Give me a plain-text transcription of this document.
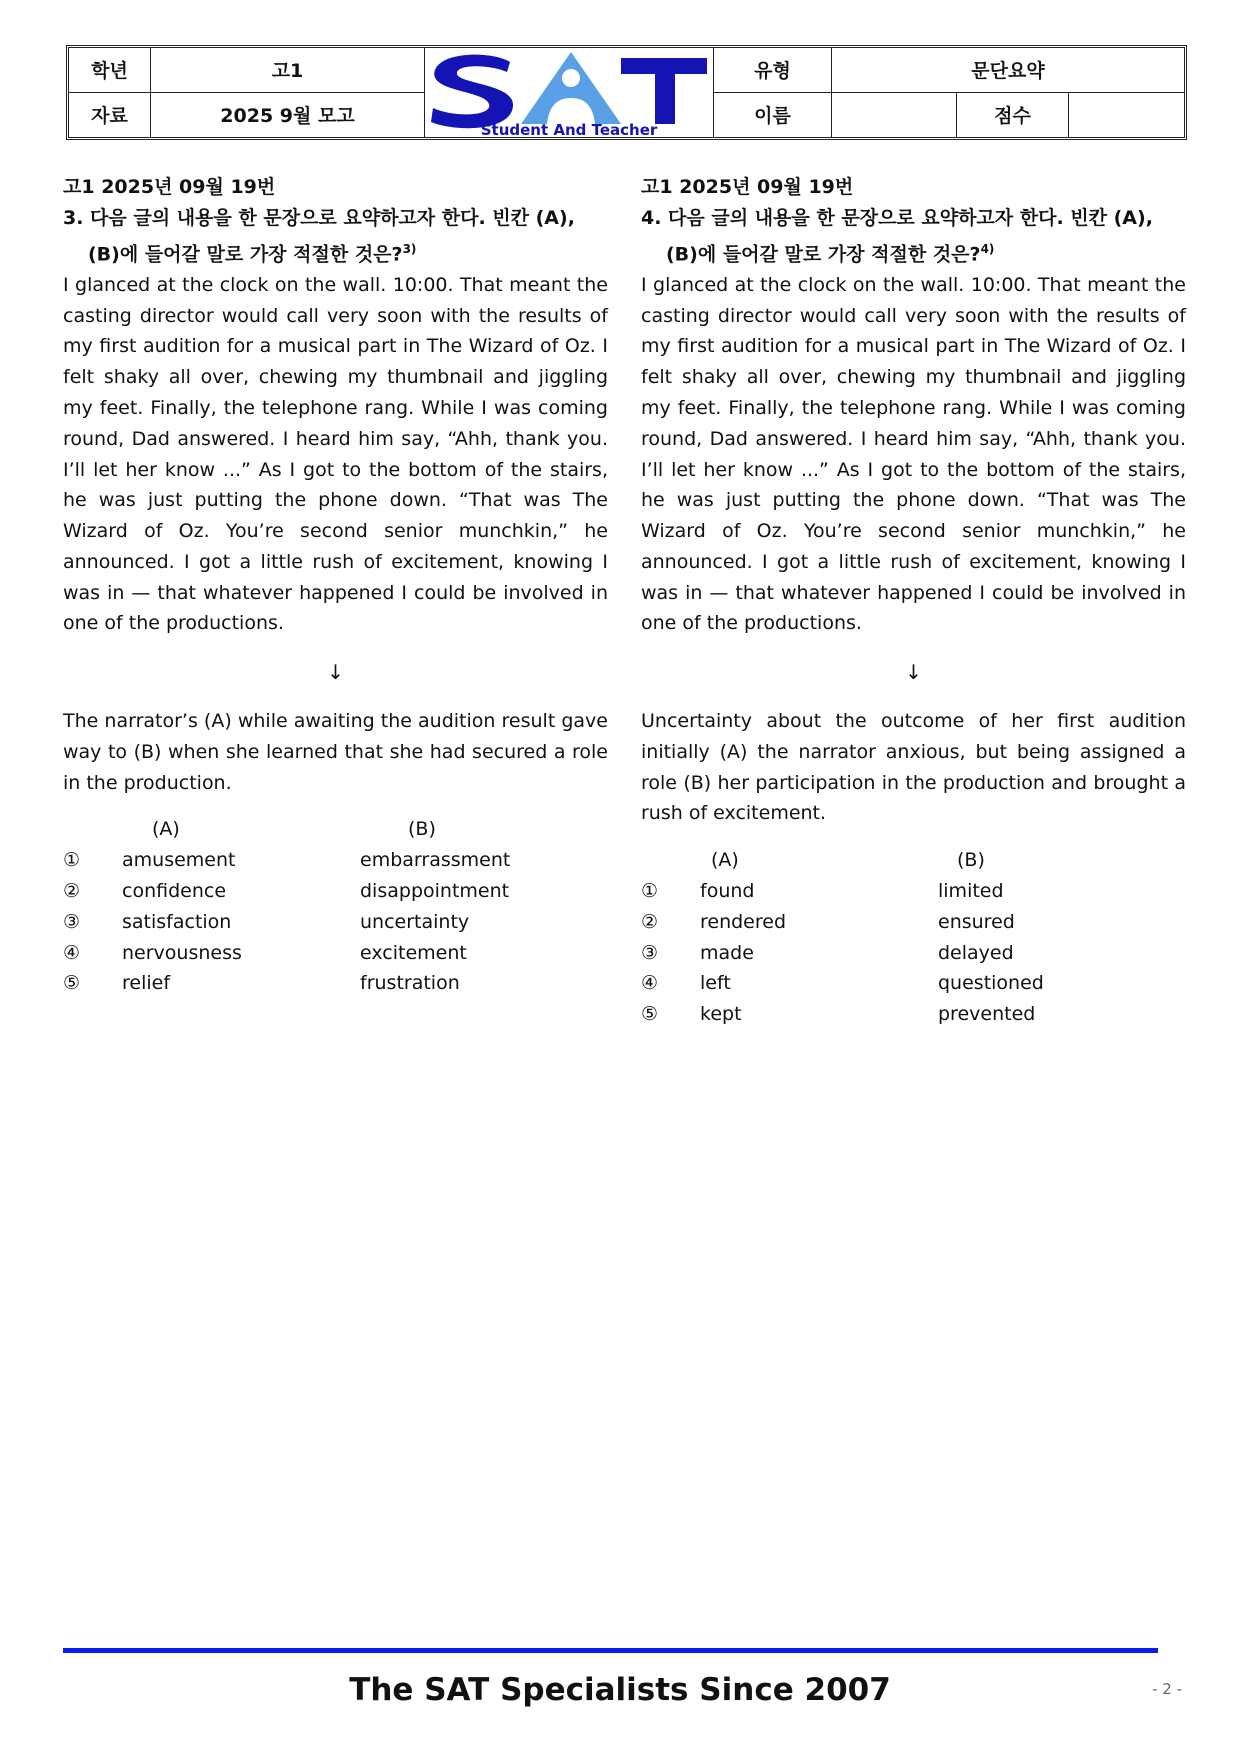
학년	고1
Student And Teacher
유형	문단요약
자료	2025 9월 모고	이름	점수
고1 2025년 09월 19번
3. 다음 글의 내용을 한 문장으로 요약하고자 한다. 빈칸 (A), (B)에 들어갈 말로 가장 적절한 것은?$^{3)}$
I glanced at the clock on the wall. 10:00. That meant the casting director would call very soon with the results of my first audition for a musical part in The Wizard of Oz. I felt shaky all over, chewing my thumbnail and jiggling my feet. Finally, the telephone rang. While I was coming round, Dad answered. I heard him say, “Ahh, thank you. I’ll let her know ...” As I got to the bottom of the stairs, he was just putting the phone down. “That was The Wizard of Oz. You’re second senior munchkin,” he announced. I got a little rush of excitement, knowing I was in — that whatever happened I could be involved in one of the productions.
↓
The narrator’s (A) while awaiting the audition result gave way to (B) when she learned that she had secured a role in the production.
(A)	(B)
①	amusement	embarrassment
②	confidence	disappointment
③	satisfaction	uncertainty
④	nervousness	excitement
⑤	relief	frustration
고1 2025년 09월 19번
4. 다음 글의 내용을 한 문장으로 요약하고자 한다. 빈칸 (A), (B)에 들어갈 말로 가장 적절한 것은?$^{4)}$
I glanced at the clock on the wall. 10:00. That meant the casting director would call very soon with the results of my first audition for a musical part in The Wizard of Oz. I felt shaky all over, chewing my thumbnail and jiggling my feet. Finally, the telephone rang. While I was coming round, Dad answered. I heard him say, “Ahh, thank you. I’ll let her know ...” As I got to the bottom of the stairs, he was just putting the phone down. “That was The Wizard of Oz. You’re second senior munchkin,” he announced. I got a little rush of excitement, knowing I was in — that whatever happened I could be involved in one of the productions.
↓
Uncertainty about the outcome of her first audition initially (A) the narrator anxious, but being assigned a role (B) her participation in the production and brought a rush of excitement.
(A)	(B)
①	found	limited
②	rendered	ensured
③	made	delayed
④	left	questioned
⑤	kept	prevented
The SAT Specialists Since 2007	- 2 -
